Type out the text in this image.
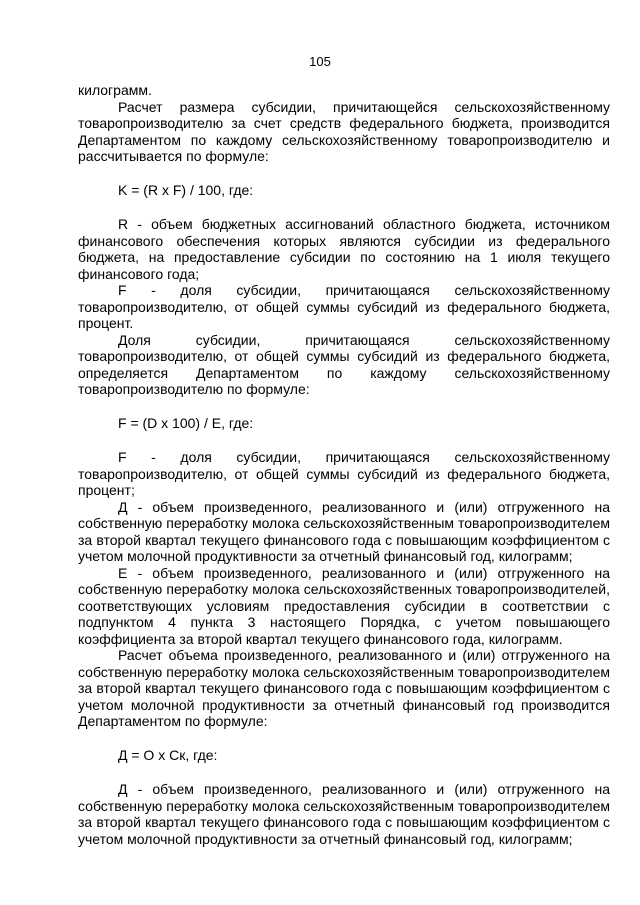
105

килограмм.

Расчет размера субсидии, причитающейся сельскохозяйственному товаропроизводителю за счет средств федерального бюджета, производится Департаментом по каждому сельскохозяйственному товаропроизводителю и рассчитывается по формуле:

K = (R x F) / 100, где:

R - объем бюджетных ассигнований областного бюджета, источником финансового обеспечения которых являются субсидии из федерального бюджета, на предоставление субсидии по состоянию на 1 июля текущего финансового года;

F - доля субсидии, причитающаяся сельскохозяйственному товаропроизводителю, от общей суммы субсидий из федерального бюджета, процент.

Доля субсидии, причитающаяся сельскохозяйственному товаропроизводителю, от общей суммы субсидий из федерального бюджета, определяется Департаментом по каждому сельскохозяйственному товаропроизводителю по формуле:

F = (D x 100) / E, где:

F - доля субсидии, причитающаяся сельскохозяйственному товаропроизводителю, от общей суммы субсидий из федерального бюджета, процент;

Д - объем произведенного, реализованного и (или) отгруженного на собственную переработку молока сельскохозяйственным товаропроизводителем за второй квартал текущего финансового года с повышающим коэффициентом с учетом молочной продуктивности за отчетный финансовый год, килограмм;

Е - объем произведенного, реализованного и (или) отгруженного на собственную переработку молока сельскохозяйственных товаропроизводителей, соответствующих условиям предоставления субсидии в соответствии с подпунктом 4 пункта 3 настоящего Порядка, с учетом повышающего коэффициента за второй квартал текущего финансового года, килограмм.

Расчет объема произведенного, реализованного и (или) отгруженного на собственную переработку молока сельскохозяйственным товаропроизводителем за второй квартал текущего финансового года с повышающим коэффициентом с учетом молочной продуктивности за отчетный финансовый год производится Департаментом по формуле:

Д = О x Ск, где:

Д - объем произведенного, реализованного и (или) отгруженного на собственную переработку молока сельскохозяйственным товаропроизводителем за второй квартал текущего финансового года с повышающим коэффициентом с учетом молочной продуктивности за отчетный финансовый год, килограмм;
